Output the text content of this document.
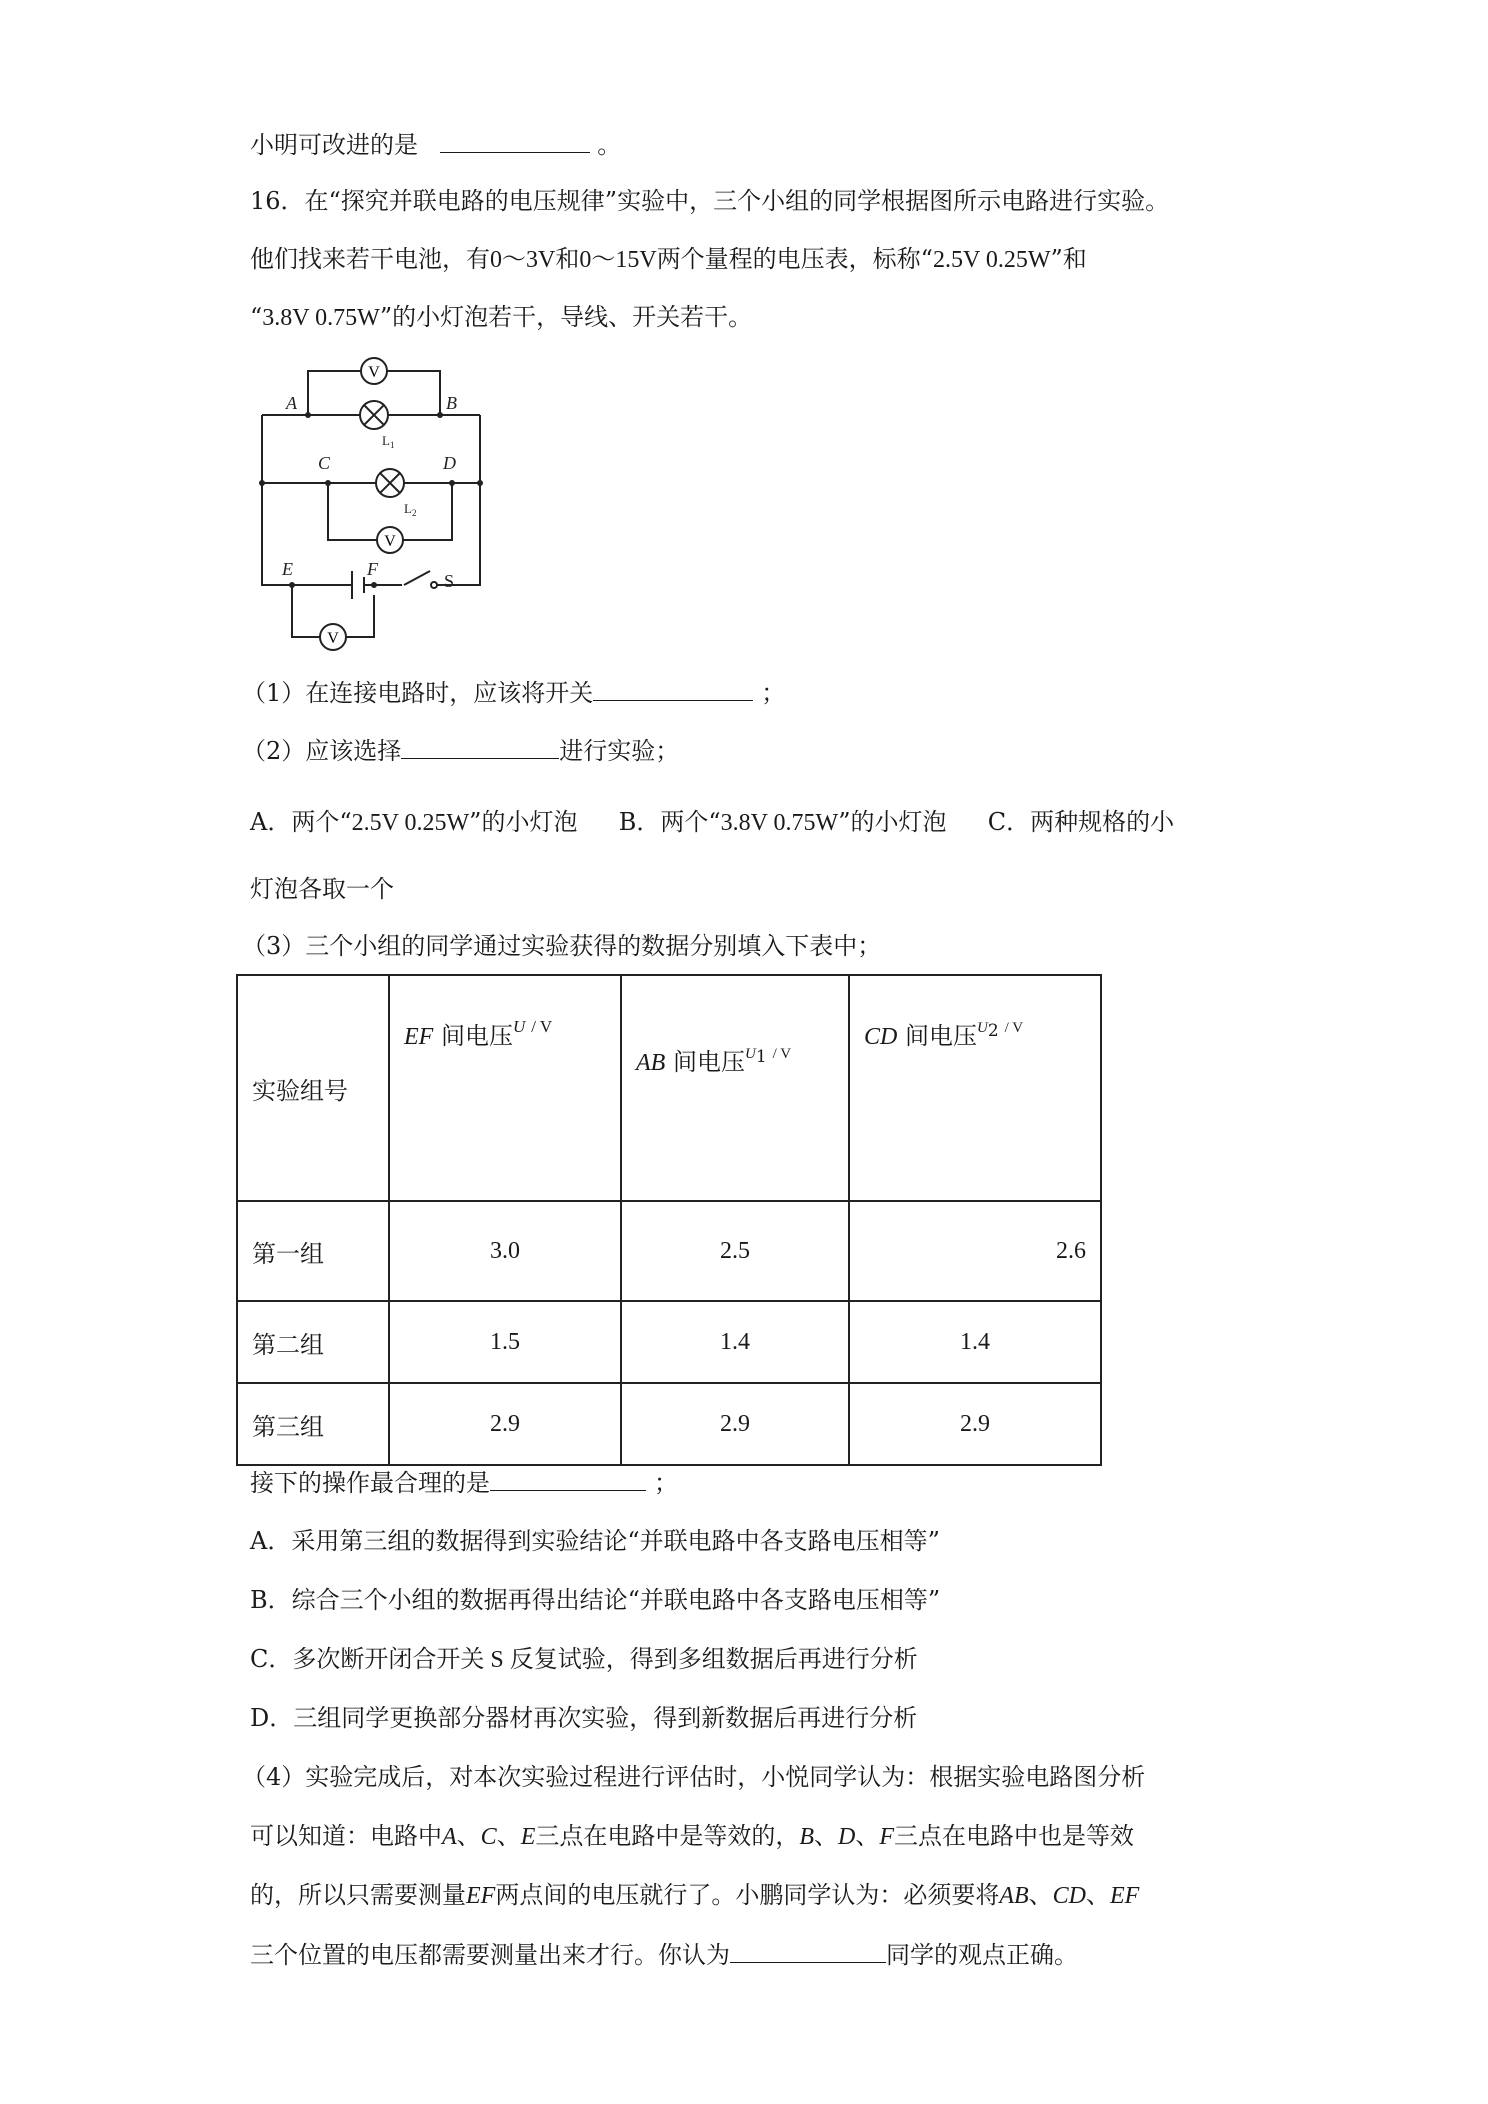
小明可改进的是	。
16．在“探究并联电路的电压规律”实验中，三个小组的同学根据图所示电路进行实验。
他们找来若干电池，有0～3V和0～15V两个量程的电压表，标称“2.5V 0.25W”和
“3.8V 0.75W”的小灯泡若干，导线、开关若干。
V
V
V
A	B
C	D
E	F
S
L 1
L 2
（1）在连接电路时，应该将开关	；
（2）应该选择	进行实验；
A．两个“2.5V 0.25W”的小灯泡 B．两个“3.8V 0.75W”的小灯泡 C．两种规格的小
灯泡各取一个
（3）三个小组的同学通过实验获得的数据分别填入下表中；
实验组号	EF 间电压$^U$ $^{/ V}$	AB 间电压$^{U1}$ $^{/ V}$	CD 间电压$^{U2}$ $^{/ V}$
第一组	3.0	2.5	2.6
第二组	1.5	1.4	1.4
第三组	2.9	2.9	2.9
接下的操作最合理的是	；
A．采用第三组的数据得到实验结论“并联电路中各支路电压相等”
B．综合三个小组的数据再得出结论“并联电路中各支路电压相等”
C．多次断开闭合开关 S 反复试验，得到多组数据后再进行分析
D．三组同学更换部分器材再次实验，得到新数据后再进行分析
（4）实验完成后，对本次实验过程进行评估时，小悦同学认为：根据实验电路图分析
可以知道：电路中A、C、E三点在电路中是等效的，B、D、F三点在电路中也是等效
的，所以只需要测量EF两点间的电压就行了。小鹏同学认为：必须要将AB、CD、EF
三个位置的电压都需要测量出来才行。你认为	同学的观点正确。
